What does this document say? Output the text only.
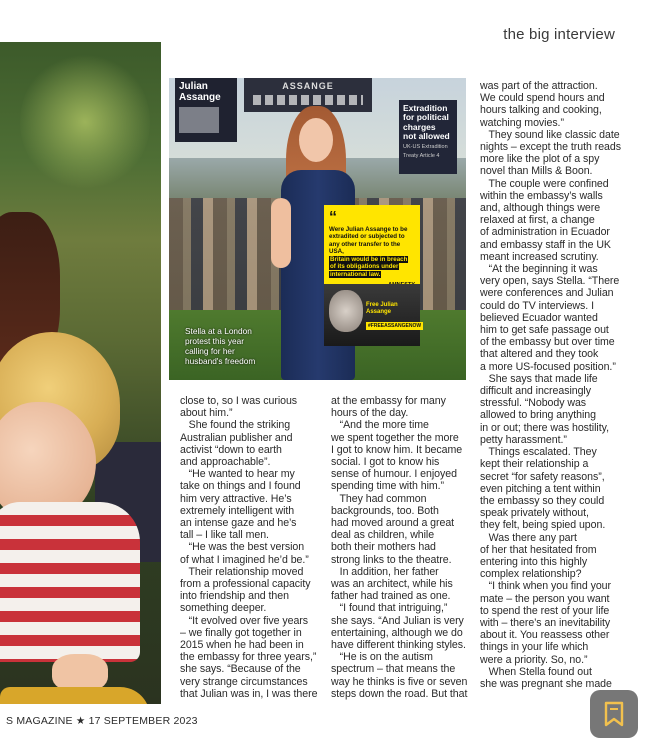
the big interview
Julian
Assange
ASSANGE
Extradition
for political
charges
not allowed
UK-US Extradition
Treaty Article 4
“
Were Julian Assange to be
extradited or subjected to
any other transfer to the USA,
Britain would be in breach
of its obligations under
international law.
Free Julian Assange
#FREEASSANGENOW
Stella at a London
protest this year
calling for her
husband's freedom

close to, so I was curious

about him.”

She found the striking

Australian publisher and

activist “down to earth

and approachable”.

“He wanted to hear my

take on things and I found

him very attractive. He’s

extremely intelligent with

an intense gaze and he’s

tall – I like tall men.

“He was the best version

of what I imagined he’d be.”

Their relationship moved

from a professional capacity

into friendship and then

something deeper.

“It evolved over five years

– we finally got together in

2015 when he had been in

the embassy for three years,”

she says. “Because of the

very strange circumstances

that Julian was in, I was there

at the embassy for many

hours of the day.

“And the more time

we spent together the more

I got to know him. It became

social. I got to know his

sense of humour. I enjoyed

spending time with him.”

They had common

backgrounds, too. Both

had moved around a great

deal as children, while

both their mothers had

strong links to the theatre.

In addition, her father

was an architect, while his

father had trained as one.

“I found that intriguing,”

she says. “And Julian is very

entertaining, although we do

have different thinking styles.

“He is on the autism

spectrum – that means the

way he thinks is five or seven

steps down the road. But that

was part of the attraction.

We could spend hours and

hours talking and cooking,

watching movies.”

They sound like classic date

nights – except the truth reads

more like the plot of a spy

novel than Mills & Boon.

The couple were confined

within the embassy’s walls

and, although things were

relaxed at first, a change

of administration in Ecuador

and embassy staff in the UK

meant increased scrutiny.

“At the beginning it was

very open, says Stella. “There

were conferences and Julian

could do TV interviews. I

believed Ecuador wanted

him to get safe passage out

of the embassy but over time

that altered and they took

a more US-focused position.”

She says that made life

difficult and increasingly

stressful. “Nobody was

allowed to bring anything

in or out; there was hostility,

petty harassment.”

Things escalated. They

kept their relationship a

secret “for safety reasons”,

even pitching a tent within

the embassy so they could

speak privately without,

they felt, being spied upon.

Was there any part

of her that hesitated from

entering into this highly

complex relationship?

“I think when you find your

mate – the person you want

to spend the rest of your life

with – there’s an inevitability

about it. You reassess other

things in your life which

were a priority. So, no.”

When Stella found out

she was pregnant she made

S MAGAZINE ★ 17 SEPTEMBER 2023
